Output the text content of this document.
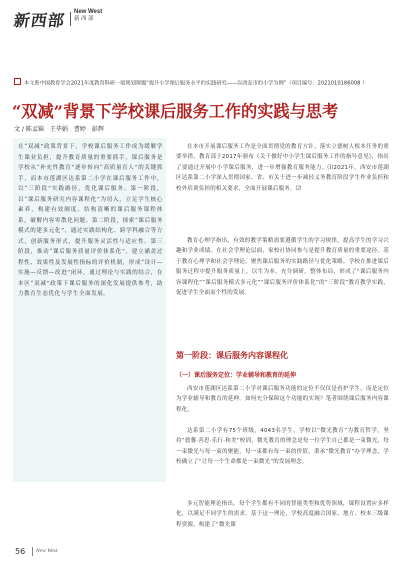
新西部 New West
新 西 部
本文系中国教育学会2021年度教育科研一般规划课题“提升小学课后服务水平的实践研究——以西安市的小学为例”（项目编号：2021010186008 ）
“双减”背景下学校课后服务工作的实践与思考
文 / 陈孟锦　王毕娟　曹婷　彭辉
在“双减”政策背景下，学校课后服务工作成为缓解学生课业负担，提升教育质量的重要抓手。课后服务是学校从“补充性教育”逐步转向“高质量育人”的关键抓手，而本市莲湖区达系第二小学在课后服务工作中，以“三阶段”实践路径，优化课后服务。第一阶段，以“课后服务研究内容课程化”为切入，立足学生核心素养，构建有效制度。结构清晰的课后服务课程体系，破解内容零散化问题。第二阶段，探索“课后服务模式的建多元化”，通过实践结构化、跨学科融合等方式，创新服务形式，提升服务灵活性与适应性。第三阶段，推动“课后服务质量评价体系化”，建立涵盖过程性、效果性及发展性指标的评价机制，形成“设计—实施—反馈—改进”闭环，通过理论与实践的结合，在本区“双减”政策下课后服务的深化发展提供参考，助力教育生态优化与学生全面发展。
在本市开展课后服务工作是全面贯彻党的教育方针、落实立德树人根本任务的重要举措。教育部于2017年颁布《关于做好中小学生课后服务工作的指导意见》，指出了要通过开展中小学课后服务，进一步增强教育服务能力。⑴2021年，西安市莲湖区达系第二小学深入贯彻国家、省、市关于进一步减轻义务教育阶段学生作业负担和校外培训负担的相关要求，全面开展课后服务。⑵
教育心理学指出，有效的教学策略需要遵循学生的学习规律，提高学生的学习兴趣和学业成绩。在社会学理论层面，家校社协同参与是提升教育质量的重要途径。基于教育心理学和社会学理论，聚焦课后服务的实践路径与优化策略，学校在推进课后服务过程中提升服务质量上，以生为本，充分调研，整体布局，形成了“课后服务内容课程化”“课后服务模式多元化”“课后服务评价体系化”的“三阶段”教育教学实践，促进学生全面而个性的发展。
第一阶段：课后服务内容课程化
（一）课后服务定位：学业辅导和教育的延伸
西安市莲湖区达系第二小学对课后服务功能的定位不仅仅是看护学生，而是定位为学业辅导和教育的延伸。如何充分保障这个功能的实现？笔者围绕课后服务内容课程化。
达系第二小学有75个班级，4043名学生，学校以“微光教育”为教育哲学，坚持“德馨·善思·乐行·和美”校训，微光教育的理念是每一位学生自己都是一束微光，每一束微光与每一束的聚能，每一束都有每一束的价值，秉承“微光教育”办学理念，学校确立了“让每一个生命都是一束微光”的发展理念。
多元智能理论指出，每个学生都有不同的智能类型和优势领域，课程设置应多样化，以满足不同学生的需求。基于这一理论，学校高度融合国家、地方、校本三级课程资源，构建了“微光课
56 New West
